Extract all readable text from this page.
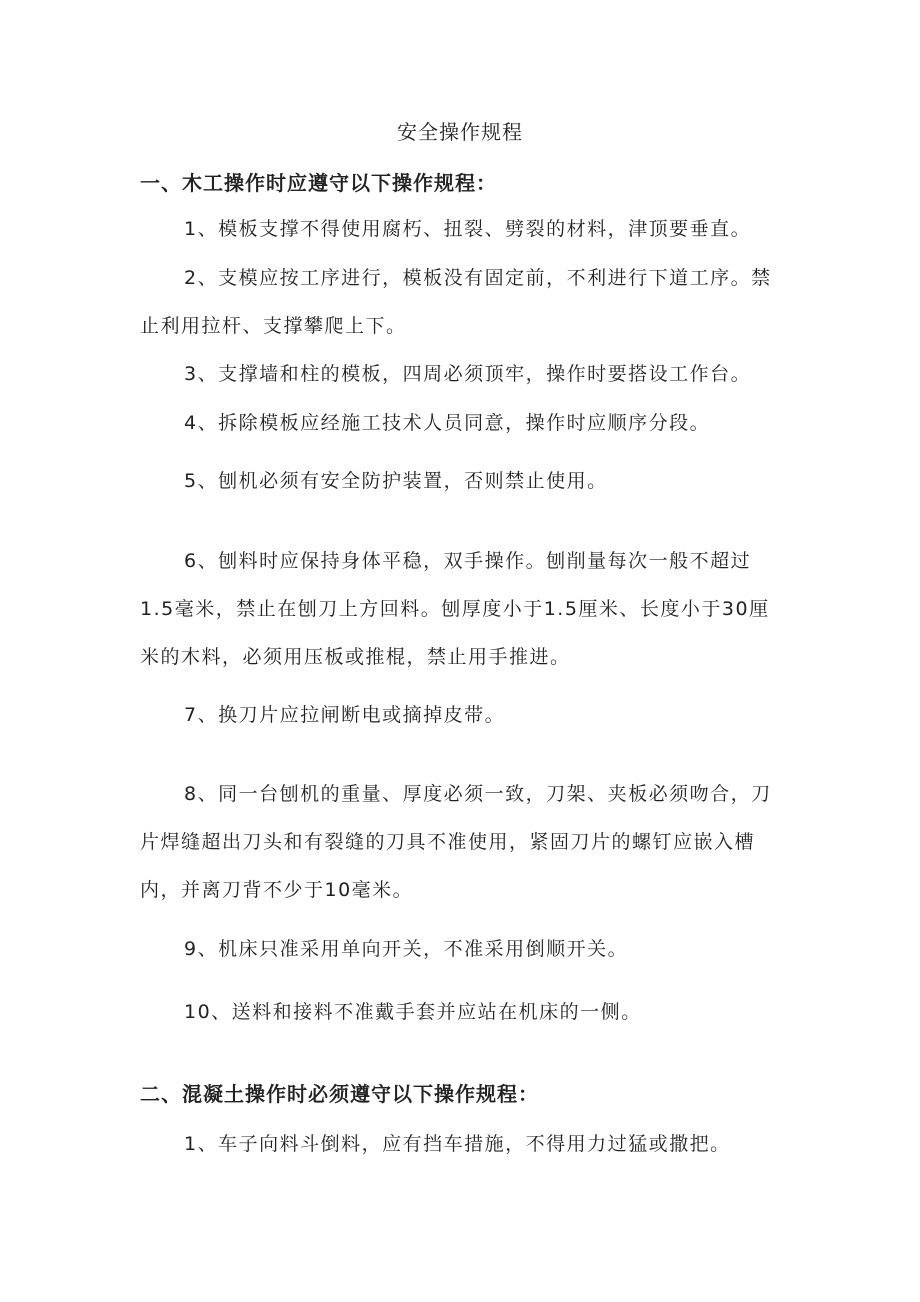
安全操作规程
一、木工操作时应遵守以下操作规程：
1、模板支撑不得使用腐朽、扭裂、劈裂的材料，津顶要垂直。
2、支模应按工序进行，模板没有固定前，不利进行下道工序。禁止利用拉杆、支撑攀爬上下。
3、支撑墙和柱的模板，四周必须顶牢，操作时要搭设工作台。
4、拆除模板应经施工技术人员同意，操作时应顺序分段。
5、刨机必须有安全防护装置，否则禁止使用。
6、刨料时应保持身体平稳，双手操作。刨削量每次一般不超过1.5毫米，禁止在刨刀上方回料。刨厚度小于1.5厘米、长度小于30厘米的木料，必须用压板或推棍，禁止用手推进。
7、换刀片应拉闸断电或摘掉皮带。
8、同一台刨机的重量、厚度必须一致，刀架、夹板必须吻合，刀片焊缝超出刀头和有裂缝的刀具不准使用，紧固刀片的螺钉应嵌入槽内，并离刀背不少于10毫米。
9、机床只准采用单向开关，不准采用倒顺开关。
10、送料和接料不准戴手套并应站在机床的一侧。
二、混凝土操作时必须遵守以下操作规程：
1、车子向料斗倒料，应有挡车措施，不得用力过猛或撒把。
